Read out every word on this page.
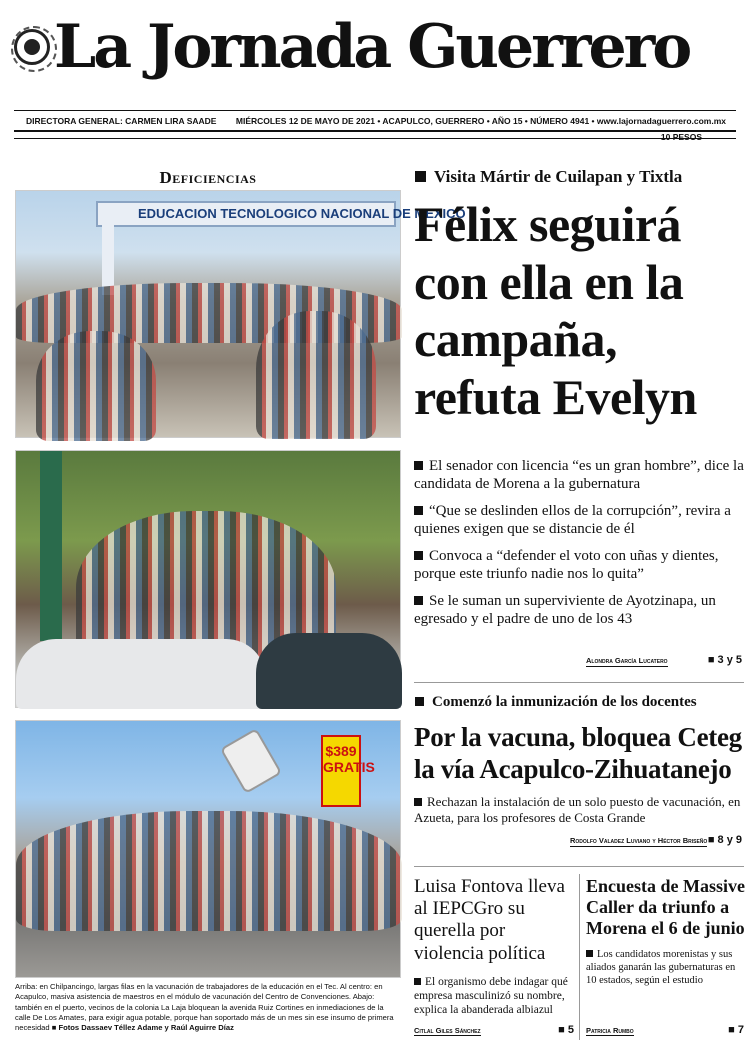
La Jornada Guerrero
DIRECTORA GENERAL: CARMEN LIRA SAADE MIÉRCOLES 12 DE MAYO DE 2021 • ACAPULCO, GUERRERO • AÑO 15 • NÚMERO 4941 • www.lajornadaguerrero.com.mx
10 PESOS
Deficiencias
EDUCACION TECNOLOGICO NACIONAL DE MEXICO
$389 GRATIS
Arriba: en Chilpancingo, largas filas en la vacunación de trabajadores de la educación en el Tec. Al centro: en Acapulco, masiva asistencia de maestros en el módulo de vacunación del Centro de Convenciones. Abajo: también en el puerto, vecinos de la colonia La Laja bloquean la avenida Ruiz Cortines en inmediaciones de la calle De Los Amates, para exigir agua potable, porque han soportado más de un mes sin ese insumo de primera necesidad ■ Fotos Dassaev Téllez Adame y Raúl Aguirre Díaz
Visita Mártir de Cuilapan y Tixtla
Félix seguirá con ella en la campaña, refuta Evelyn
El senador con licencia “es un gran hombre”, dice la candidata de Morena a la gubernatura
“Que se deslinden ellos de la corrupción”, revira a quienes exigen que se distancie de él
Convoca a “defender el voto con uñas y dientes, porque este triunfo nadie nos lo quita”
Se le suman un superviviente de Ayotzinapa, un egresado y el padre de uno de los 43
Alondra García Lucatero	■ 3 y 5
Comenzó la inmunización de los docentes
Por la vacuna, bloquea Ceteg la vía Acapulco-Zihuatanejo
Rechazan la instalación de un solo puesto de vacunación, en Azueta, para los profesores de Costa Grande
Rodolfo Valadez Luviano y Héctor Briseño ■ 8 y 9
Luisa Fontova lleva al IEPCGro su querella por violencia política
El organismo debe indagar qué empresa masculinizó su nombre, explica la abanderada albiazul
Citlal Giles Sánchez	■ 5
Encuesta de Massive Caller da triunfo a Morena el 6 de junio
Los candidatos morenistas y sus aliados ganarán las gubernaturas en 10 estados, según el estudio
Patricia Rumbo	■ 7
